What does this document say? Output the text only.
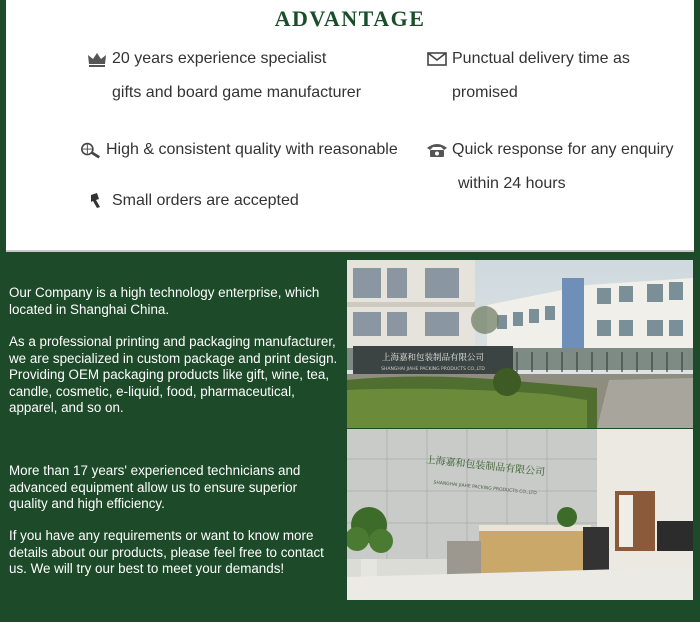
ADVANTAGE
20 years experience specialist
gifts and board game manufacturer
Punctual delivery time as promised
High & consistent quality with reasonable	Quick response for any enquiry
within 24 hours
Small orders are accepted

Our Company is a high technology enterprise, which located in Shanghai China.

As a professional printing and packaging manufacturer, we are specialized in custom package and print design. Providing OEM packaging products like gift, wine, tea, candle, cosmetic, e-liquid, food, pharmaceutical, apparel, and so on.

More than 17 years' experienced technicians and advanced equipment allow us to ensure superior quality and high efficiency.

If you have any requirements or want to know more details about our products, please feel free to contact us. We will try our best to meet your demands!

上海嘉和包装制品有限公司
SHANGHAI JIAHE PACKING PRODUCTS CO.,LTD
上海嘉和包装制品有限公司
SHANGHAI JIAHE PACKING PRODUCTS CO.,LTD
